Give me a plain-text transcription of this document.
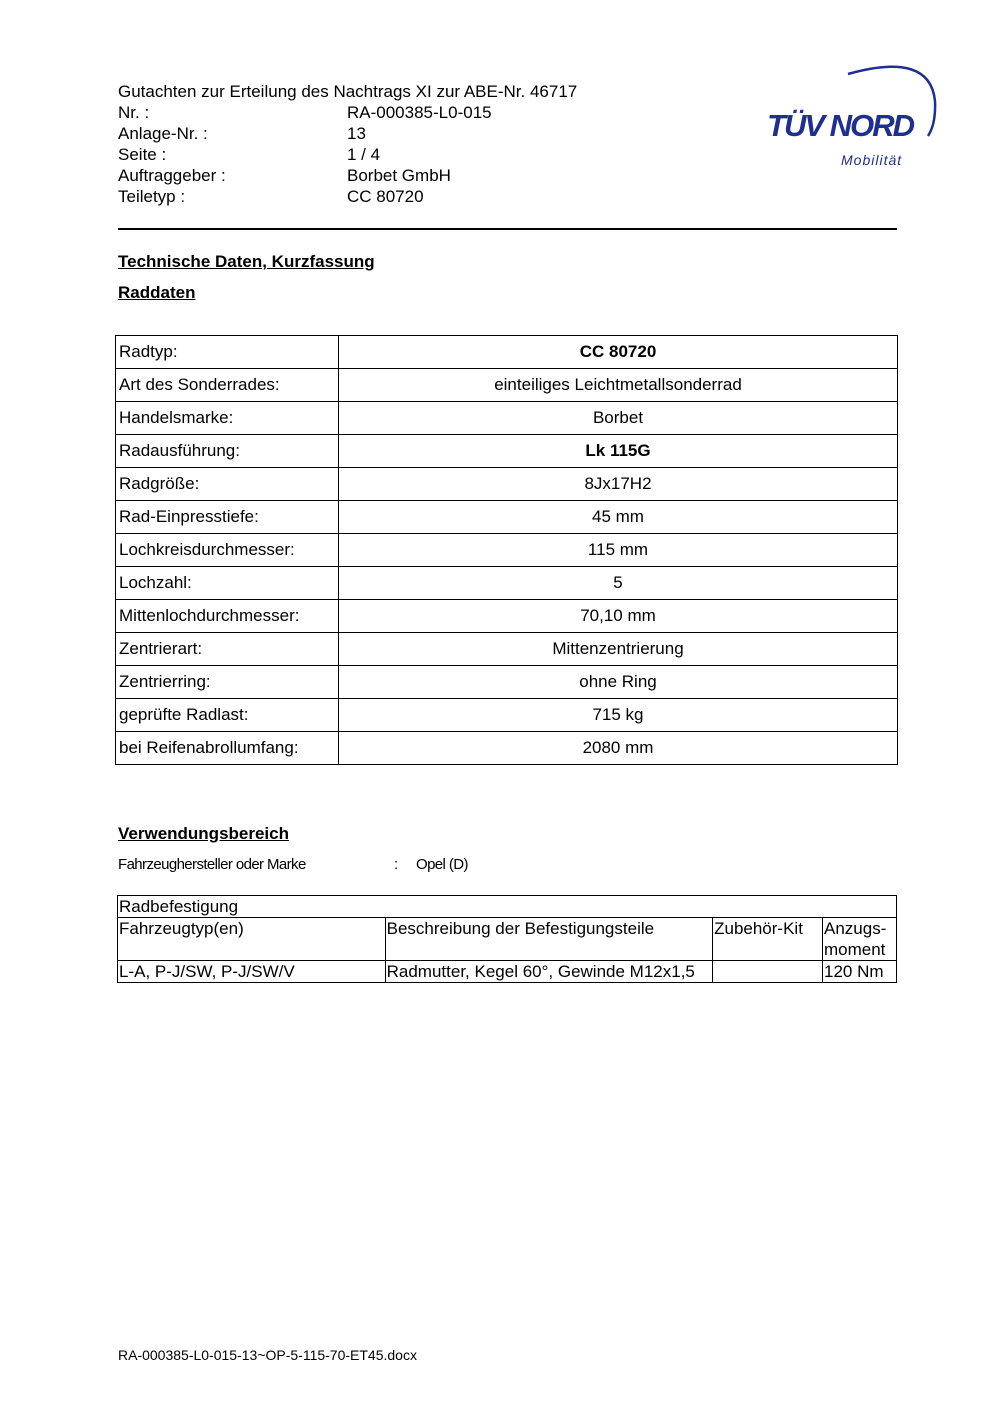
Gutachten zur Erteilung des Nachtrags XI zur ABE-Nr. 46717
Nr. :	RA-000385-L0-015
Anlage-Nr. :	13
Seite :	1 / 4
Auftraggeber :	Borbet GmbH
Teiletyp :	CC 80720
TÜV NORD
Mobilität
Technische Daten, Kurzfassung
Raddaten
Radtyp:	CC 80720
Art des Sonderrades:	einteiliges Leichtmetallsonderrad
Handelsmarke:	Borbet
Radausführung:	Lk 115G
Radgröße:	8Jx17H2
Rad-Einpresstiefe:	45 mm
Lochkreisdurchmesser:	115 mm
Lochzahl:	5
Mittenlochdurchmesser:	70,10 mm
Zentrierart:	Mittenzentrierung
Zentrierring:	ohne Ring
geprüfte Radlast:	715 kg
bei Reifenabrollumfang:	2080 mm
Verwendungsbereich
Fahrzeughersteller oder Marke	: Opel (D)
Radbefestigung			
Fahrzeugtyp(en)	Beschreibung der Befestigungsteile	Zubehör-Kit	Anzugs-moment
L-A, P-J/SW, P-J/SW/V	Radmutter, Kegel 60°, Gewinde M12x1,5		120 Nm
RA-000385-L0-015-13~OP-5-115-70-ET45.docx
